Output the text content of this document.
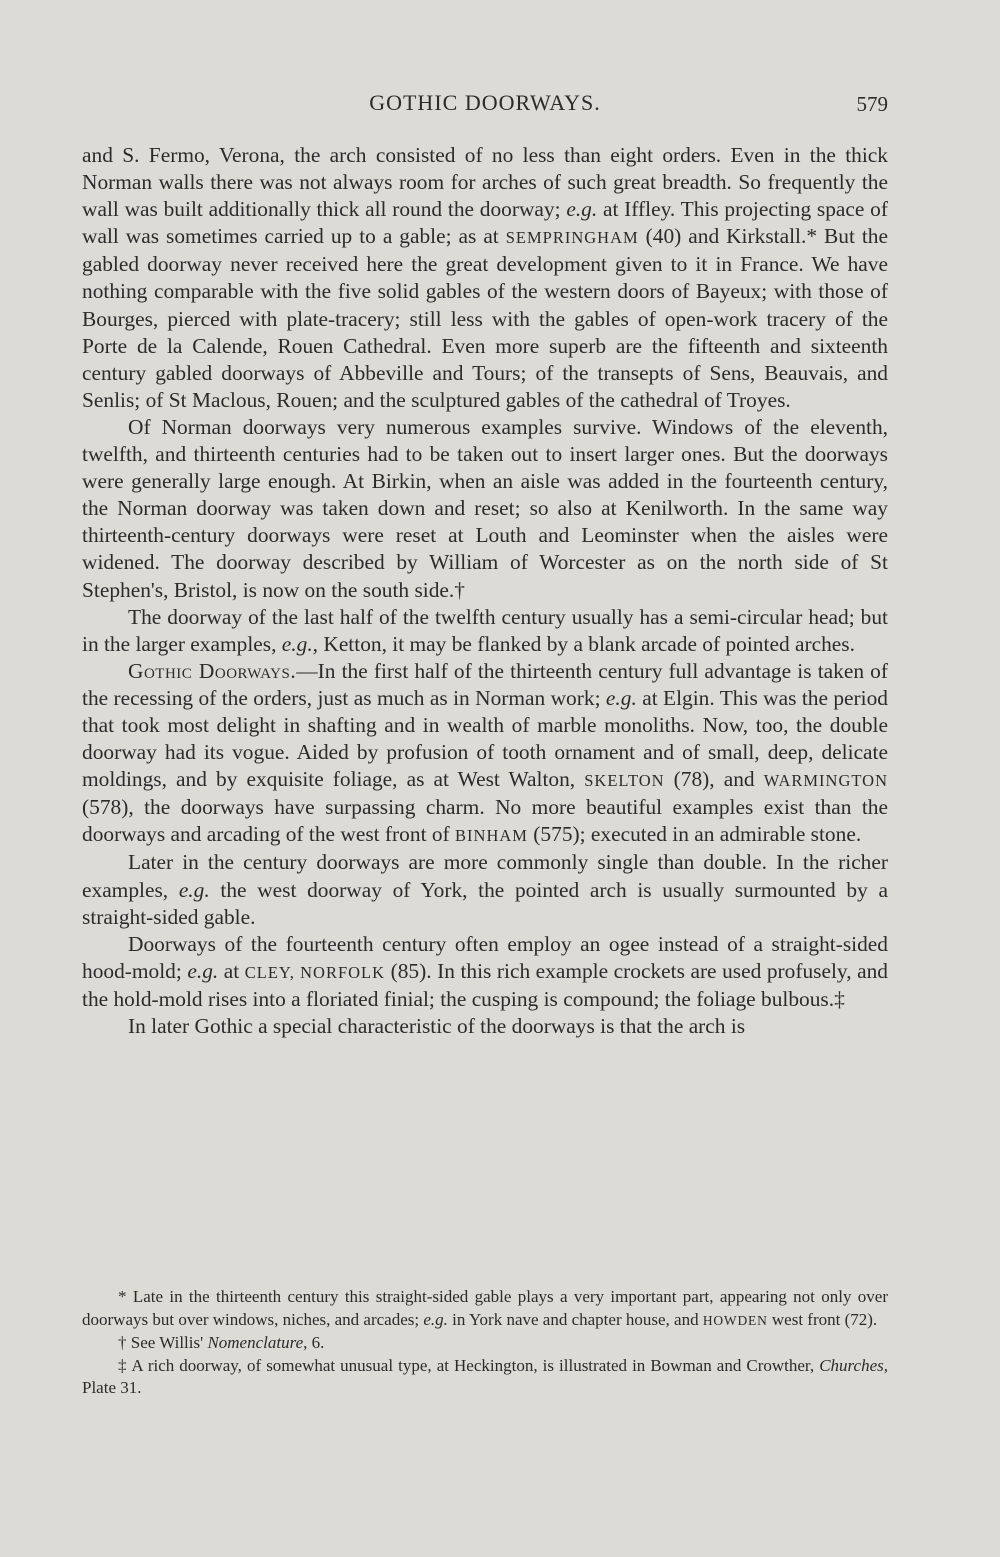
GOTHIC DOORWAYS.	579

and S. Fermo, Verona, the arch consisted of no less than eight orders. Even in the thick Norman walls there was not always room for arches of such great breadth. So frequently the wall was built additionally thick all round the doorway; e.g. at Iffley. This projecting space of wall was sometimes carried up to a gable; as at SEMPRINGHAM (40) and Kirkstall.* But the gabled doorway never received here the great development given to it in France. We have nothing comparable with the five solid gables of the western doors of Bayeux; with those of Bourges, pierced with plate-tracery; still less with the gables of open-work tracery of the Porte de la Calende, Rouen Cathedral. Even more superb are the fifteenth and sixteenth century gabled doorways of Abbeville and Tours; of the transepts of Sens, Beauvais, and Senlis; of St Maclous, Rouen; and the sculptured gables of the cathedral of Troyes.

Of Norman doorways very numerous examples survive. Windows of the eleventh, twelfth, and thirteenth centuries had to be taken out to insert larger ones. But the doorways were generally large enough. At Birkin, when an aisle was added in the fourteenth century, the Norman doorway was taken down and reset; so also at Kenilworth. In the same way thirteenth-century doorways were reset at Louth and Leominster when the aisles were widened. The doorway described by William of Worcester as on the north side of St Stephen's, Bristol, is now on the south side.†

The doorway of the last half of the twelfth century usually has a semi-circular head; but in the larger examples, e.g., Ketton, it may be flanked by a blank arcade of pointed arches.

Gothic Doorways.—In the first half of the thirteenth century full advantage is taken of the recessing of the orders, just as much as in Norman work; e.g. at Elgin. This was the period that took most delight in shafting and in wealth of marble monoliths. Now, too, the double doorway had its vogue. Aided by profusion of tooth ornament and of small, deep, delicate moldings, and by exquisite foliage, as at West Walton, SKELTON (78), and WARMINGTON (578), the doorways have surpassing charm. No more beautiful examples exist than the doorways and arcading of the west front of BINHAM (575); executed in an admirable stone.

Later in the century doorways are more commonly single than double. In the richer examples, e.g. the west doorway of York, the pointed arch is usually surmounted by a straight-sided gable.

Doorways of the fourteenth century often employ an ogee instead of a straight-sided hood-mold; e.g. at CLEY, NORFOLK (85). In this rich example crockets are used profusely, and the hold-mold rises into a floriated finial; the cusping is compound; the foliage bulbous.‡

In later Gothic a special characteristic of the doorways is that the arch is

* Late in the thirteenth century this straight-sided gable plays a very important part, appearing not only over doorways but over windows, niches, and arcades; e.g. in York nave and chapter house, and HOWDEN west front (72).

† See Willis' Nomenclature, 6.

‡ A rich doorway, of somewhat unusual type, at Heckington, is illustrated in Bowman and Crowther, Churches, Plate 31.
